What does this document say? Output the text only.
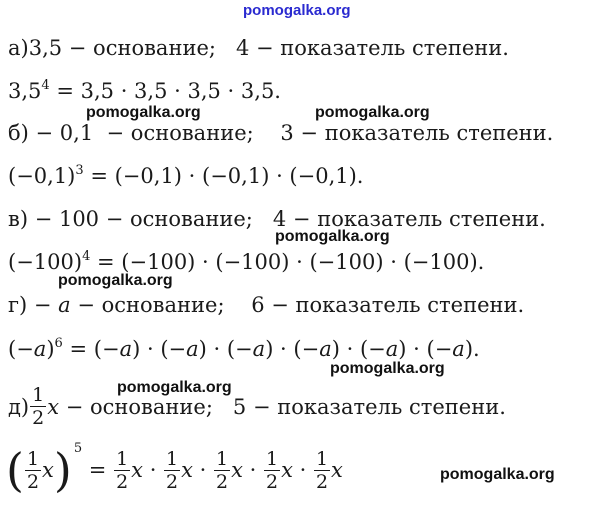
pomogalka.org
pomogalka.org	pomogalka.org
pomogalka.org
pomogalka.org
pomogalka.org
pomogalka.org
pomogalka.org
а)3,5 − основание;   4 − показатель степени.
$3,5^4 = 3,5 \cdot 3,5 \cdot 3,5 \cdot 3,5$.
б) − 0,1  − основание;    3 − показатель степени.
$(-0,1)^3 = (-0,1) \cdot (-0,1) \cdot (-0,1)$.
в) − 100 − основание;   4 − показатель степени.
$(-100)^4 = (-100) \cdot (-100) \cdot (-100) \cdot (-100)$.
г) − a − основание;    6 − показатель степени.
$(-a)^6 = (-a) \cdot (-a) \cdot (-a) \cdot (-a) \cdot (-a) \cdot (-a)$.
$д) \frac{1}{2}$ x − основание;   5 − показатель степени.
( $\frac{1}{2}$ x ) 5
= $\frac{1}{2}$ $x \cdot \frac{1}{2}$ $x \cdot \frac{1}{2}$ $x \cdot \frac{1}{2}$ $x \cdot \frac{1}{2}$ x
